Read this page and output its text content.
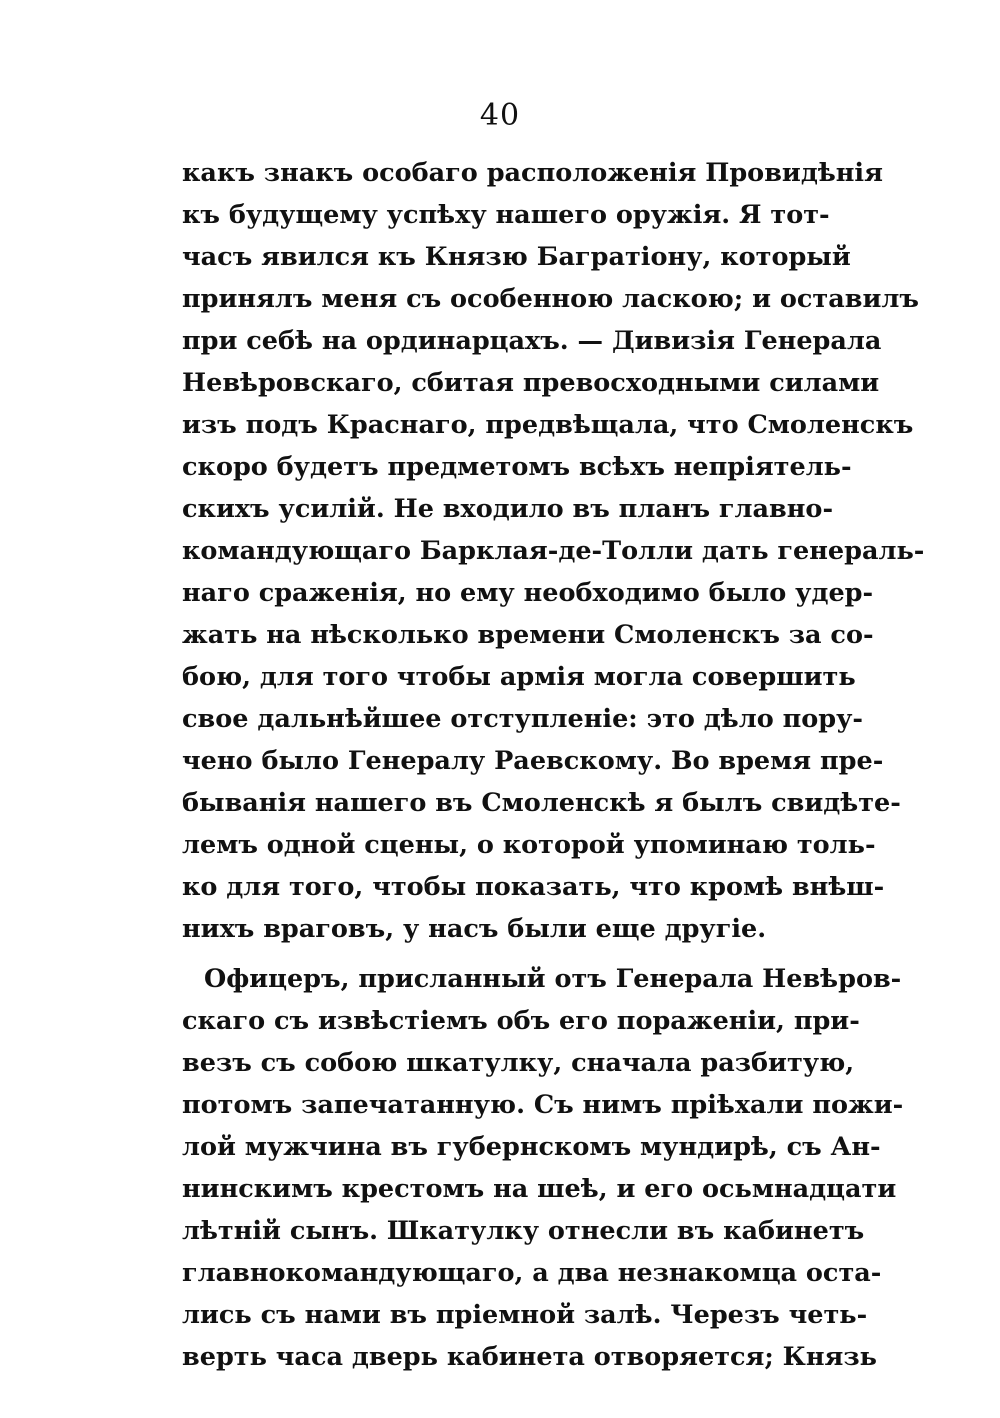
40
какъ знакъ особаго расположенія Провидѣнія
къ будущему успѣху нашего оружія. Я тот-
часъ явился къ Князю Багратіону, который
принялъ меня съ особенною ласкою; и оставилъ
при себѣ на ординарцахъ. — Дивизія Генерала
Невѣровскаго, сбитая превосходными силами
изъ подъ Краснаго, предвѣщала, что Смоленскъ
скоро будетъ предметомъ всѣхъ непріятель-
скихъ усилій. Не входило въ планъ главно-
командующаго Барклая-де-Толли дать генераль-
наго сраженія, но ему необходимо было удер-
жать на нѣсколько времени Смоленскъ за со-
бою, для того чтобы армія могла совершить
свое дальнѣйшее отступленіе: это дѣло пору-
чено было Генералу Раевскому. Во время пре-
быванія нашего въ Смоленскѣ я былъ свидѣте-
лемъ одной сцены, о которой упоминаю толь-
ко для того, чтобы показать, что кромѣ внѣш-
нихъ враговъ, у насъ были еще другіе.
Офицеръ, присланный отъ Генерала Невѣров-
скаго съ извѣстіемъ объ его пораженіи, при-
везъ съ собою шкатулку, сначала разбитую,
потомъ запечатанную. Съ нимъ пріѣхали пожи-
лой мужчина въ губернскомъ мундирѣ, съ Ан-
нинскимъ крестомъ на шеѣ, и его осьмнадцати
лѣтній сынъ. Шкатулку отнесли въ кабинетъ
главнокомандующаго, а два незнакомца оста-
лись съ нами въ пріемной залѣ. Черезъ четь-
верть часа дверь кабинета отворяется; Князь
